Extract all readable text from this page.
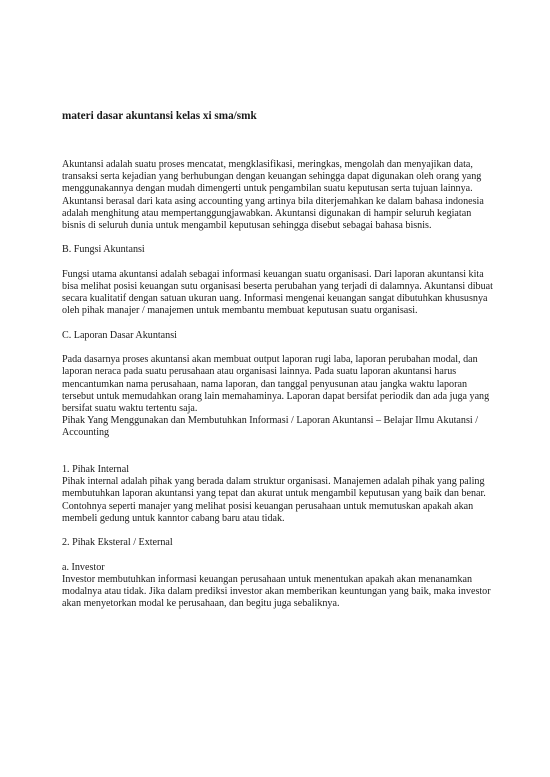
materi dasar akuntansi kelas xi sma/smk

Akuntansi adalah suatu proses mencatat, mengklasifikasi, meringkas, mengolah dan menyajikan data, transaksi serta kejadian yang berhubungan dengan keuangan sehingga dapat digunakan oleh orang yang menggunakannya dengan mudah dimengerti untuk pengambilan suatu keputusan serta tujuan lainnya.

Akuntansi berasal dari kata asing accounting yang artinya bila diterjemahkan ke dalam bahasa indonesia adalah menghitung atau mempertanggungjawabkan. Akuntansi digunakan di hampir seluruh kegiatan bisnis di seluruh dunia untuk mengambil keputusan sehingga disebut sebagai bahasa bisnis.

B. Fungsi Akuntansi

Fungsi utama akuntansi adalah sebagai informasi keuangan suatu organisasi. Dari laporan akuntansi kita bisa melihat posisi keuangan sutu organisasi beserta perubahan yang terjadi di dalamnya. Akuntansi dibuat secara kualitatif dengan satuan ukuran uang. Informasi mengenai keuangan sangat dibutuhkan khususnya oleh pihak manajer / manajemen untuk membantu membuat keputusan suatu organisasi.

C. Laporan Dasar Akuntansi

Pada dasarnya proses akuntansi akan membuat output laporan rugi laba, laporan perubahan modal, dan laporan neraca pada suatu perusahaan atau organisasi lainnya. Pada suatu laporan akuntansi harus mencantumkan nama perusahaan, nama laporan, dan tanggal penyusunan atau jangka waktu laporan tersebut untuk memudahkan orang lain memahaminya. Laporan dapat bersifat periodik dan ada juga yang bersifat suatu waktu tertentu saja.

Pihak Yang Menggunakan dan Membutuhkan Informasi / Laporan Akuntansi – Belajar Ilmu Akutansi / Accounting

1. Pihak Internal

Pihak internal adalah pihak yang berada dalam struktur organisasi. Manajemen adalah pihak yang paling membutuhkan laporan akuntansi yang tepat dan akurat untuk mengambil keputusan yang baik dan benar. Contohnya seperti manajer yang melihat posisi keuangan perusahaan untuk memutuskan apakah akan membeli gedung untuk kanntor cabang baru atau tidak.

2. Pihak Eksteral / External

a. Investor

Investor membutuhkan informasi keuangan perusahaan untuk menentukan apakah akan menanamkan modalnya atau tidak. Jika dalam prediksi investor akan memberikan keuntungan yang baik, maka investor akan menyetorkan modal ke perusahaan, dan begitu juga sebaliknya.
